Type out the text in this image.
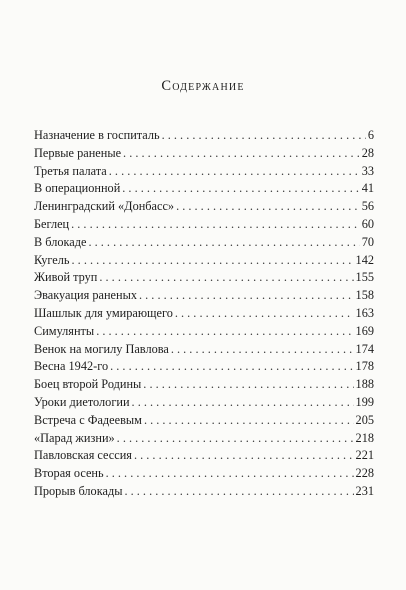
Содержание
Назначение в госпиталь . . .	6
Первые раненые . . .	28
Третья палата . . .	33
В операционной . . .	41
Ленинградский «Донбасс» . . .	56
Беглец . . .	60
В блокаде . . .	70
Кугель . . .	142
Живой труп . . .	155
Эвакуация раненых . . .	158
Шашлык для умирающего . . .	163
Симулянты . . .	169
Венок на могилу Павлова . . .	174
Весна 1942-го . . .	178
Боец второй Родины . . .	188
Уроки диетологии . . .	199
Встреча с Фадеевым . . .	205
«Парад жизни» . . .	218
Павловская сессия . . .	221
Вторая осень . . .	228
Прорыв блокады . . .	231
